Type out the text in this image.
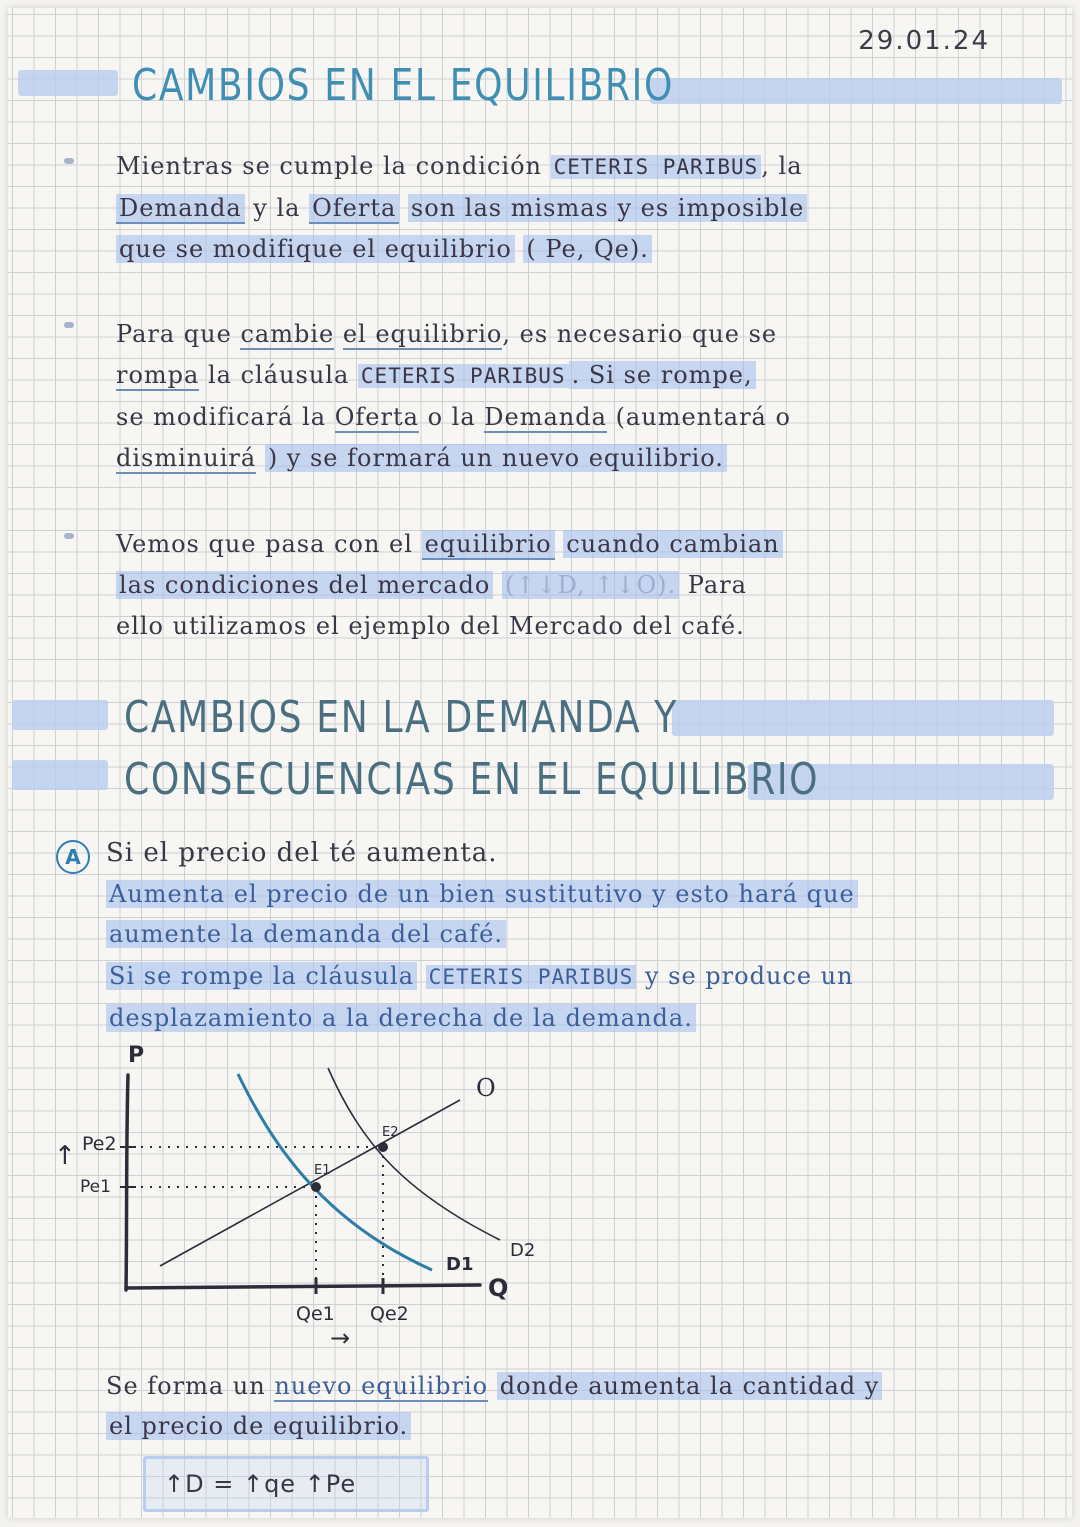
29.01.24
CAMBIOS EN EL EQUILIBRIO
Mientras se cumple la condición CETERIS PARIBUS , la
Demanda y la Oferta son las mismas y es imposible
que se modifique el equilibrio ( Pe, Qe).
Para que cambie el equilibrio, es necesario que se
rompa la cláusula CETERIS PARIBUS . Si se rompe,
se modificará la Oferta o la Demanda (aumentará o
disminuirá ) y se formará un nuevo equilibrio.
Vemos que pasa con el equilibrio cuando cambian
las condiciones del mercado (↑↓D, ↑↓O). Para
ello utilizamos el ejemplo del Mercado del café.
CAMBIOS EN LA DEMANDA Y
CONSECUENCIAS EN EL EQUILIBRIO
A Si el precio del té aumenta.
Aumenta el precio de un bien sustitutivo y esto hará que
aumente la demanda del café.
Si se rompe la cláusula CETERIS PARIBUS y se produce un
desplazamiento a la derecha de la demanda.
P
Q
O
D2
D1
E1
E2
Pe2
Pe1
Qe1 Qe2
↑
→
Se forma un nuevo equilibrio donde aumenta la cantidad y
el precio de equilibrio.
↑D = ↑qe ↑Pe
